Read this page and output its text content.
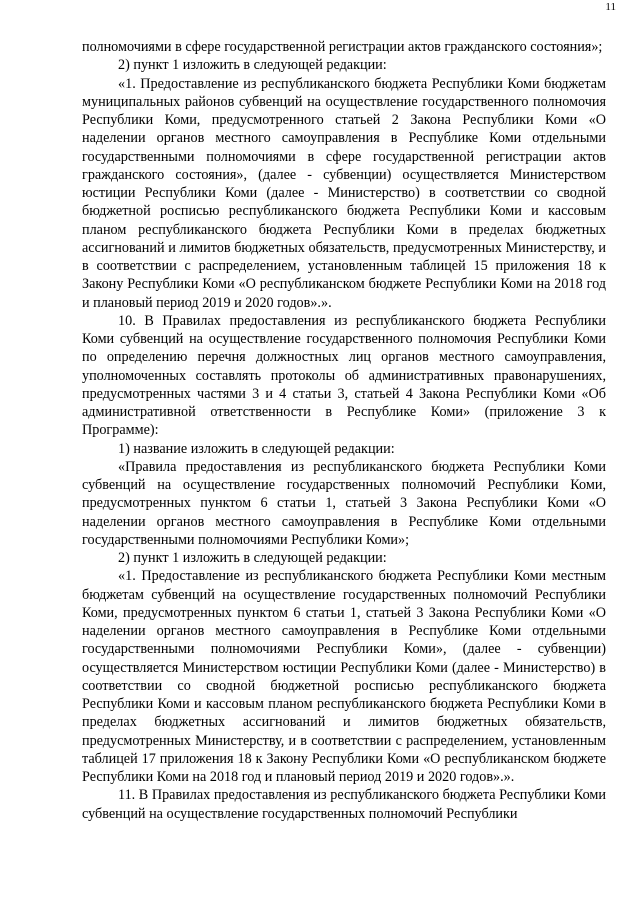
11

полномочиями в сфере государственной регистрации актов гражданского состояния»;

2) пункт 1 изложить в следующей редакции:

«1. Предоставление из республиканского бюджета Республики Коми бюджетам муниципальных районов субвенций на осуществление государственного полномочия Республики Коми, предусмотренного статьей 2 Закона Республики Коми «О наделении органов местного самоуправления в Республике Коми отдельными государственными полномочиями в сфере государственной регистрации актов гражданского состояния», (далее - субвенции) осуществляется Министерством юстиции Республики Коми (далее - Министерство) в соответствии со сводной бюджетной росписью республиканского бюджета Республики Коми и кассовым планом республиканского бюджета Республики Коми в пределах бюджетных ассигнований и лимитов бюджетных обязательств, предусмотренных Министерству, и в соответствии с распределением, установленным таблицей 15 приложения 18 к Закону Республики Коми «О республиканском бюджете Республики Коми на 2018 год и плановый период 2019 и 2020 годов».».

10. В Правилах предоставления из республиканского бюджета Республики Коми субвенций на осуществление государственного полномочия Республики Коми по определению перечня должностных лиц органов местного самоуправления, уполномоченных составлять протоколы об административных правонарушениях, предусмотренных частями 3 и 4 статьи 3, статьей 4 Закона Республики Коми «Об административной ответственности в Республике Коми» (приложение 3 к Программе):

1) название изложить в следующей редакции:

«Правила предоставления из республиканского бюджета Республики Коми субвенций на осуществление государственных полномочий Республики Коми, предусмотренных пунктом 6 статьи 1, статьей 3 Закона Республики Коми «О наделении органов местного самоуправления в Республике Коми отдельными государственными полномочиями Республики Коми»;

2) пункт 1 изложить в следующей редакции:

«1. Предоставление из республиканского бюджета Республики Коми местным бюджетам субвенций на осуществление государственных полномочий Республики Коми, предусмотренных пунктом 6 статьи 1, статьей 3 Закона Республики Коми «О наделении органов местного самоуправления в Республике Коми отдельными государственными полномочиями Республики Коми», (далее - субвенции) осуществляется Министерством юстиции Республики Коми (далее - Министерство) в соответствии со сводной бюджетной росписью республиканского бюджета Республики Коми и кассовым планом республиканского бюджета Республики Коми в пределах бюджетных ассигнований и лимитов бюджетных обязательств, предусмотренных Министерству, и в соответствии с распределением, установленным таблицей 17 приложения 18 к Закону Республики Коми «О республиканском бюджете Республики Коми на 2018 год и плановый период 2019 и 2020 годов».».

11. В Правилах предоставления из республиканского бюджета Республики Коми субвенций на осуществление государственных полномочий Республики
